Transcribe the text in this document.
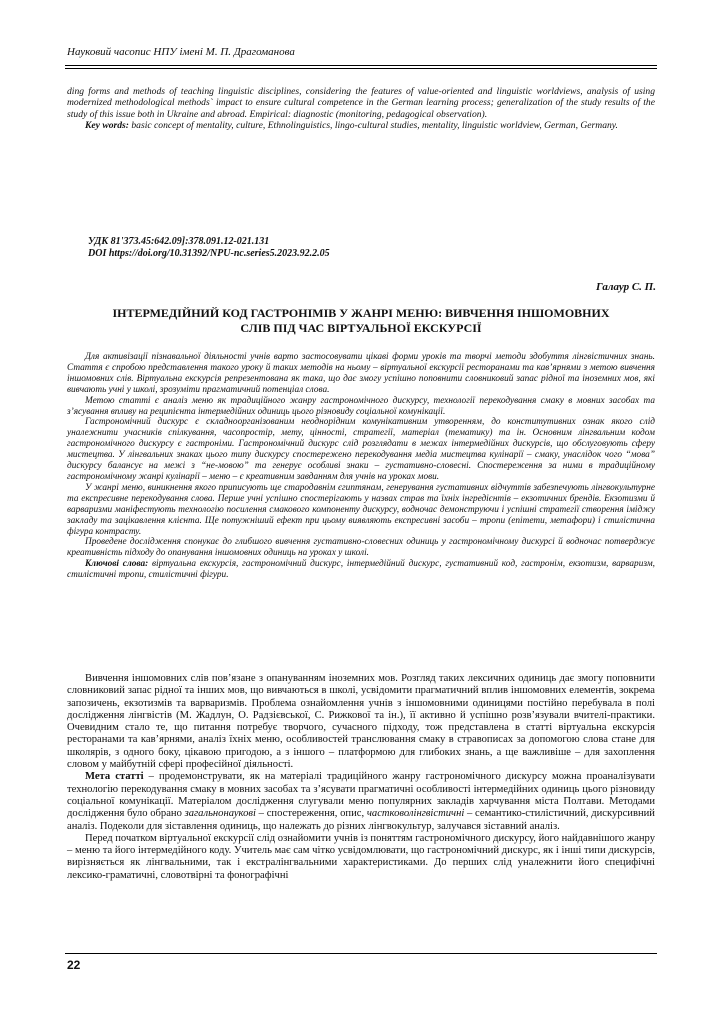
Науковий часопис НПУ імені М. П. Драгоманова

ding forms and methods of teaching linguistic disciplines, considering the features of value-oriented and linguistic worldviews, analysis of using modernized methodological methods` impact to ensure cultural competence in the German learning process; generalization of the study results of the study of this issue both in Ukraine and abroad. Empirical: diagnostic (monitoring, pedagogical observation).

Key words: basic concept of mentality, culture, Ethnolinguistics, lingo-cultural studies, mentality, linguistic worldview, German, Germany.

УДК 81'373.45:642.09]:378.091.12-021.131
DOI https://doi.org/10.31392/NPU-nc.series5.2023.92.2.05
Галаур С. П.
ІНТЕРМЕДІЙНИЙ КОД ГАСТРОНІМІВ У ЖАНРІ МЕНЮ: ВИВЧЕННЯ ІНШОМОВНИХ
СЛІВ ПІД ЧАС ВІРТУАЛЬНОЇ ЕКСКУРСІЇ

Для активізації пізнавальної діяльності учнів варто застосовувати цікаві форми уроків та творчі методи здобуття лінгвістичних знань. Стаття є спробою представлення такого уроку й таких методів на ньому – віртуальної екскурсії ресторанами та кав’ярнями з метою вивчення іншомовних слів. Віртуальна екскурсія репрезентована як така, що дає змогу успішно поповнити словниковий запас рідної та іноземних мов, які вивчають учні у школі, зрозуміти прагматичний потенціал слова.

Метою статті є аналіз меню як традиційного жанру гастрономічного дискурсу, технології перекодування смаку в мовних засобах та з’ясування впливу на реципієнта інтермедійних одиниць цього різновиду соціальної комунікації.

Гастрономічний дискурс є складноорганізованим неоднорідним комунікативним утворенням, до конститутивних ознак якого слід уналежнити учасників спілкування, часопростір, мету, цінності, стратегії, матеріал (тематику) та ін. Основним лінгвальним кодом гастрономічного дискурсу є гастроніми. Гастрономічний дискурс слід розглядати в межах інтермедійних дискурсів, що обслуговують сферу мистецтва. У лінгвальних знаках цього типу дискурсу спостережено перекодування медіа мистецтва кулінарії – смаку, унаслідок чого “мова” дискурсу балансує на межі з “не-мовою” та генерує особливі знаки – густативно-словесні. Спостереження за ними в традиційному гастрономічному жанрі кулінарії – меню – є креативним завданням для учнів на уроках мови.

У жанрі меню, виникнення якого приписують ще стародавнім єгиптянам, генерування густативних відчуттів забезпечують лінгвокультурне та експресивне перекодування слова. Перше учні успішно спостерігають у назвах страв та їхніх інгредієнтів – екзотичних брендів. Екзотизми й варваризми маніфестують технологію посилення смакового компоненту дискурсу, водночас демонструючи і успішні стратегії створення іміджу закладу та зацікавлення клієнта. Ще потужніший ефект при цьому виявляють експресивні засоби – тропи (епітети, метафори) і стилістична фігура контрасту.

Проведене дослідження спонукає до глибшого вивчення густативно-словесних одиниць у гастрономічному дискурсі й водночас потверджує креативність підходу до опанування іншомовних одиниць на уроках у школі.

Ключові слова: віртуальна екскурсія, гастрономічний дискурс, інтермедійний дискурс, густативний код, гастронім, екзотизм, варваризм, стилістичні тропи, стилістичні фігури.

Вивчення іншомовних слів пов’язане з опануванням іноземних мов. Розгляд таких лексичних одиниць дає змогу поповнити словниковий запас рідної та інших мов, що вивчаються в школі, усвідомити прагматичний вплив іншомовних елементів, зокрема запозичень, екзотизмів та варваризмів. Проблема ознайомлення учнів з іншомовними одиницями постійно перебувала в полі дослідження лінгвістів (М. Жадлун, О. Радзієвської, С. Рижкової та ін.), її активно й успішно розв’язували вчителі-практики. Очевидним стало те, що питання потребує творчого, сучасного підходу, тож представлена в статті віртуальна екскурсія ресторанами та кав’ярнями, аналіз їхніх меню, особливостей транслювання смаку в стравописах за допомогою слова стане для школярів, з одного боку, цікавою пригодою, а з іншого – платформою для глибоких знань, а ще важливіше – для захоплення словом у майбутній сфері професійної діяльності.

Мета статті – продемонструвати, як на матеріалі традиційного жанру гастрономічного дискурсу можна проаналізувати технологію перекодування смаку в мовних засобах та з’ясувати прагматичні особливості інтермедійних одиниць цього різновиду соціальної комунікації. Матеріалом дослідження слугували меню популярних закладів харчування міста Полтави. Методами дослідження було обрано загальнонаукові – спостереження, опис, частковолінгвістичні – семантико-стилістичний, дискурсивний аналіз. Подекoли для зіставлення одиниць, що належать до різних лінгвокультур, залучався зіставний аналіз.

Перед початком віртуальної екскурсії слід ознайомити учнів із поняттям гастрономічного дискурсу, його найдавнішого жанру – меню та його інтермедійного коду. Учитель має сам чітко усвідомлювати, що гастрономічний дискурс, як і інші типи дискурсів, вирізняється як лінгвальними, так і екстралінгвальними характеристиками. До перших слід уналежнити його специфічні лексико-граматичні, словотвірні та фонографічні

22
